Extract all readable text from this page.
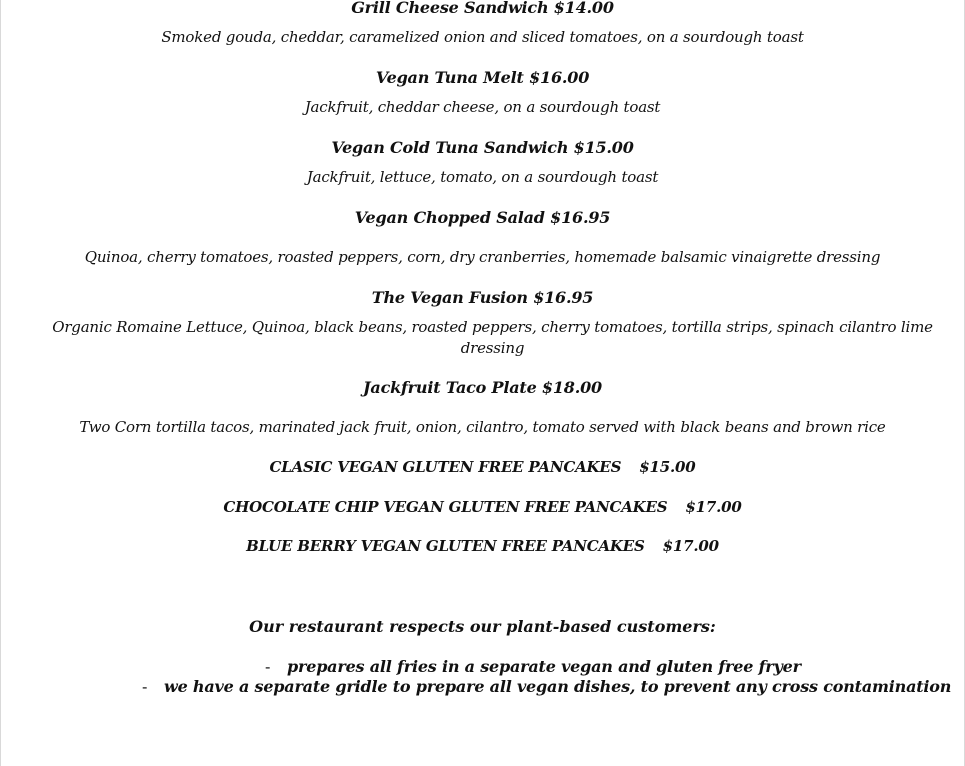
Grill Cheese Sandwich $14.00
Smoked gouda, cheddar, caramelized onion and sliced tomatoes, on a sourdough toast
Vegan Tuna Melt $16.00
Jackfruit, cheddar cheese, on a sourdough toast
Vegan Cold Tuna Sandwich $15.00
Jackfruit, lettuce, tomato, on a sourdough toast
Vegan Chopped Salad $16.95
Quinoa, cherry tomatoes, roasted peppers, corn, dry cranberries, homemade balsamic vinaigrette dressing
The Vegan Fusion $16.95
Organic Romaine Lettuce, Quinoa, black beans, roasted peppers, cherry tomatoes, tortilla strips, spinach cilantro lime dressing
Jackfruit Taco Plate $18.00
Two Corn tortilla tacos, marinated jack fruit, onion, cilantro, tomato served with black beans and brown rice
CLASIC VEGAN GLUTEN FREE PANCAKES $15.00
CHOCOLATE CHIP VEGAN GLUTEN FREE PANCAKES $17.00
BLUE BERRY VEGAN GLUTEN FREE PANCAKES $17.00
Our restaurant respects our plant-based customers:
- prepares all fries in a separate vegan and gluten free fryer
- we have a separate gridle to prepare all vegan dishes, to prevent any cross contamination
